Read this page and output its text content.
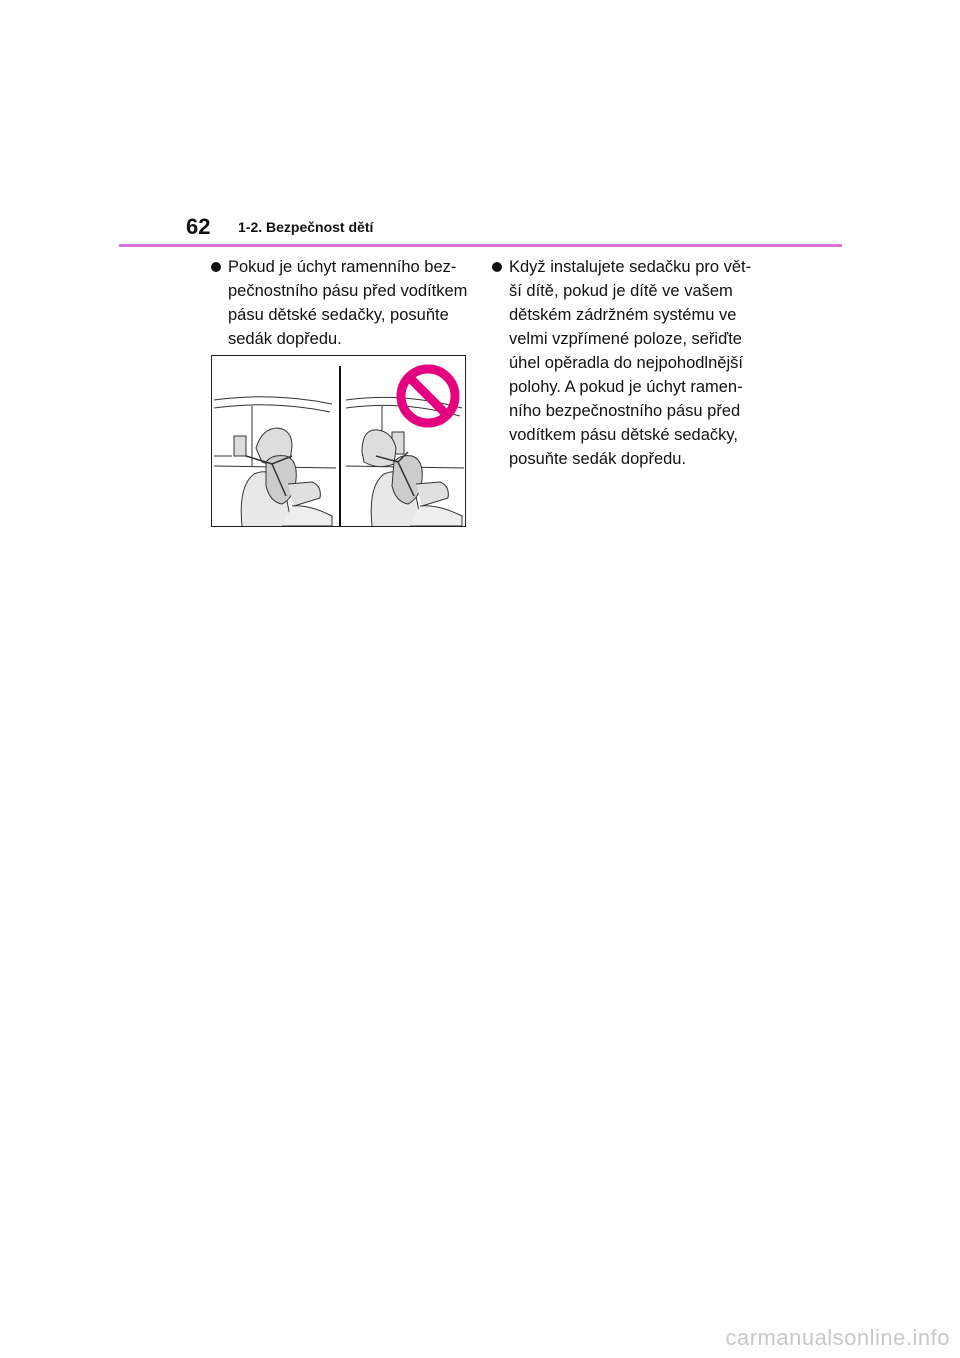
62 1-2. Bezpečnost dětí
Pokud je úchyt ramenního bez-
pečnostního pásu před vodítkem
pásu dětské sedačky, posuňte
sedák dopředu.
Když instalujete sedačku pro vět-
ší dítě, pokud je dítě ve vašem
dětském zádržném systému ve
velmi vzpřímené poloze, seřiďte
úhel opěradla do nejpohodlnější
polohy. A pokud je úchyt ramen-
ního bezpečnostního pásu před
vodítkem pásu dětské sedačky,
posuňte sedák dopředu.
carmanualsonline.info
